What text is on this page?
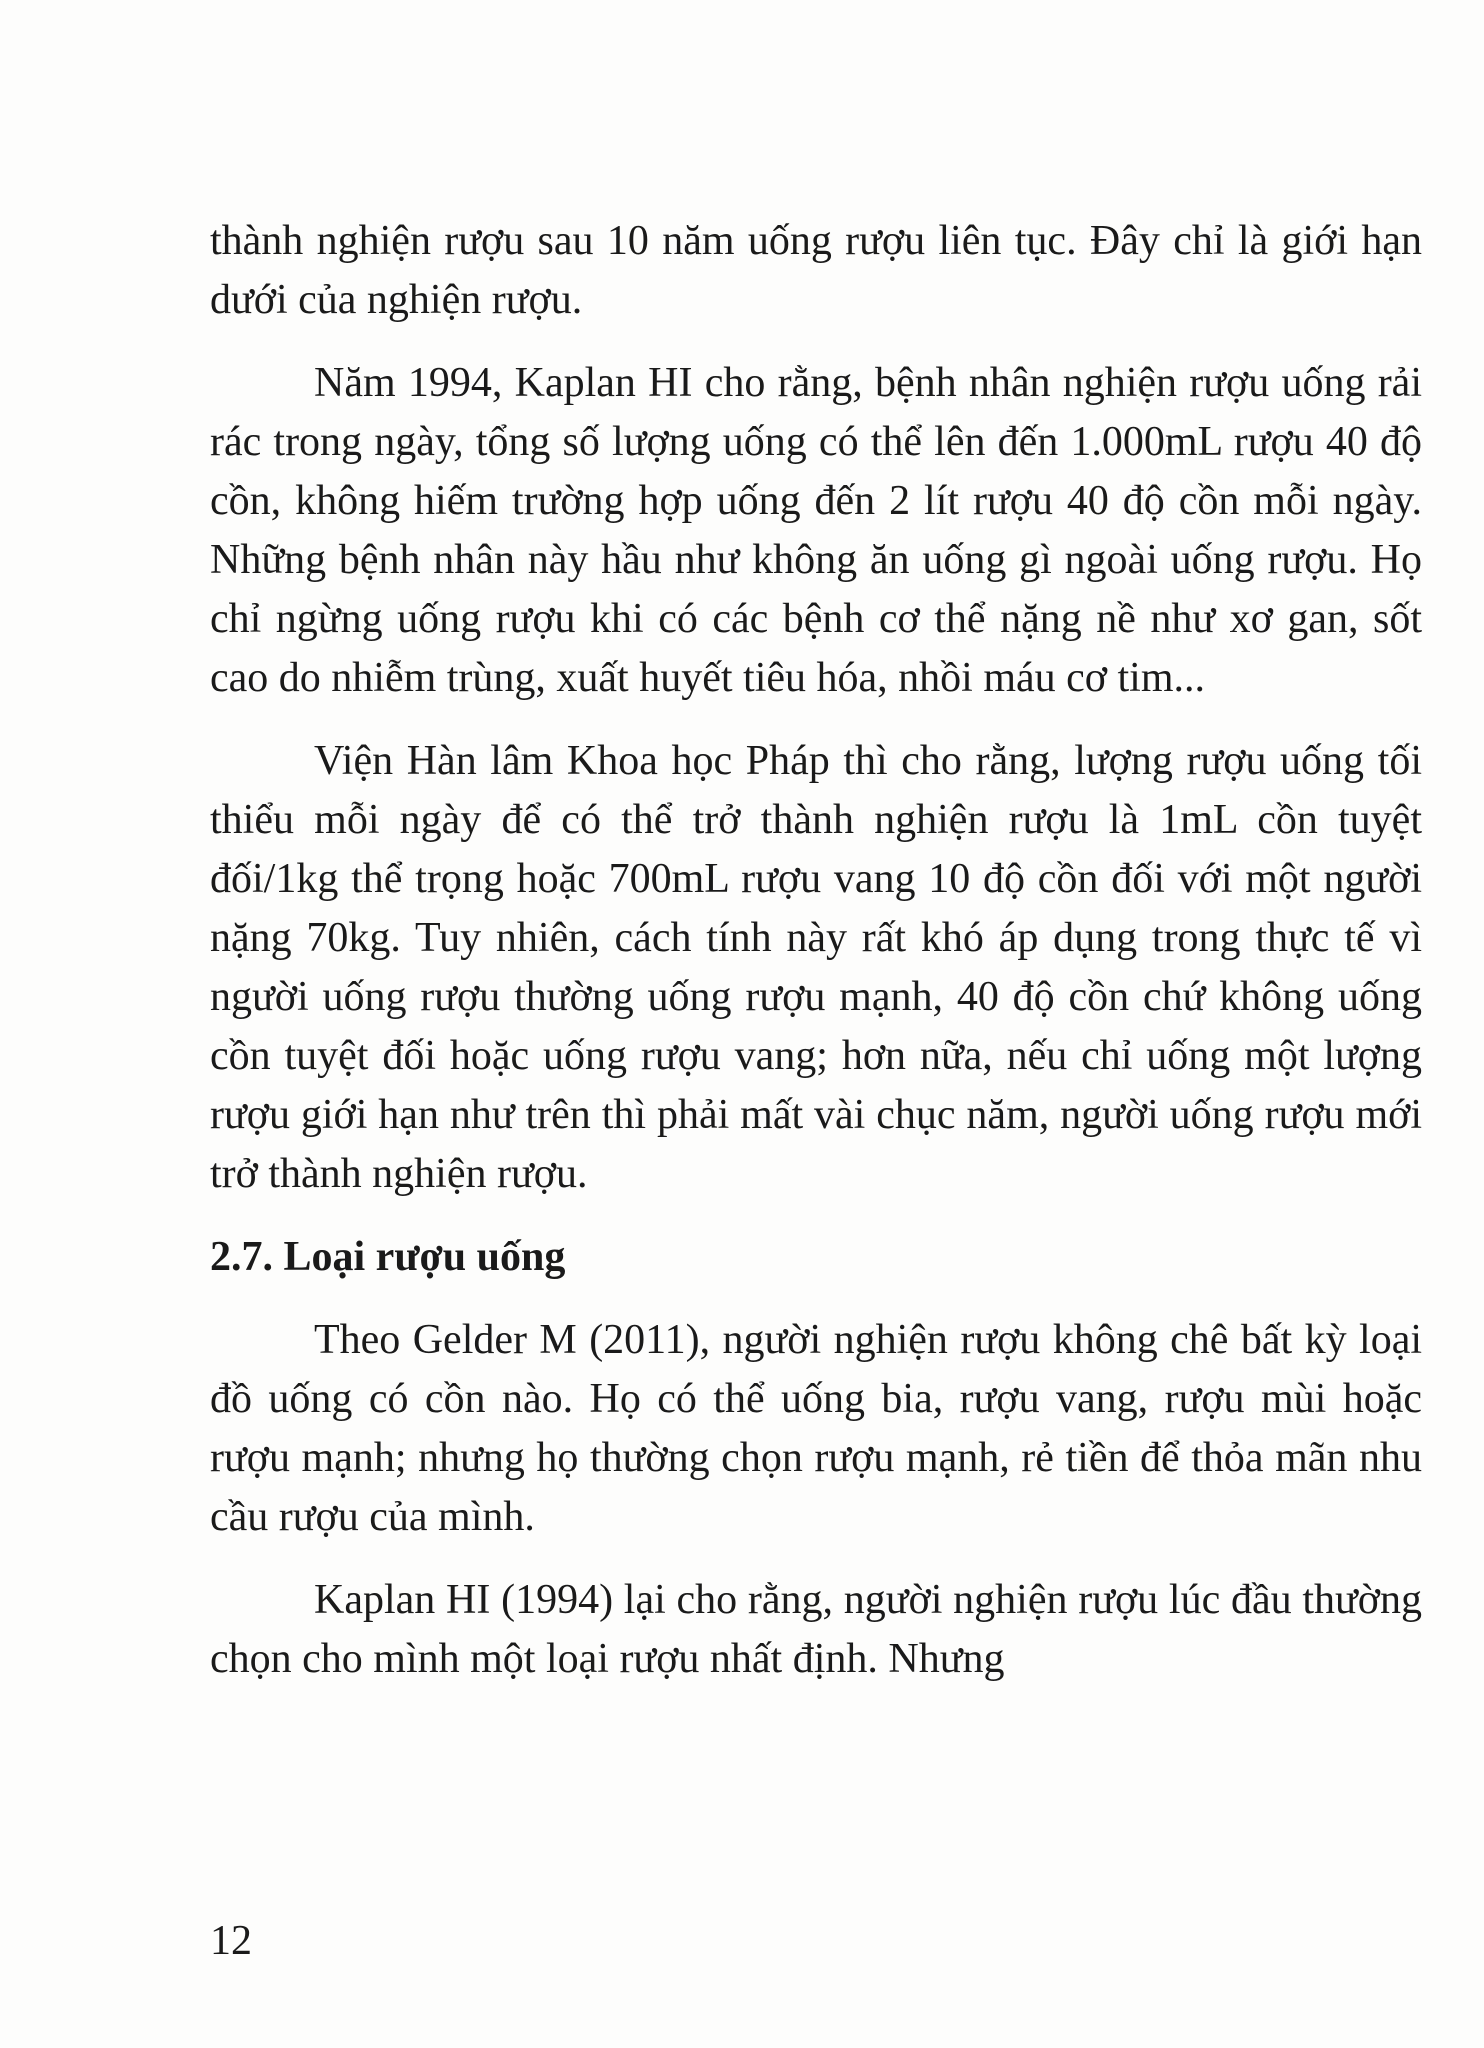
thành nghiện rượu sau 10 năm uống rượu liên tục. Đây chỉ là giới hạn dưới của nghiện rượu.

Năm 1994, Kaplan HI cho rằng, bệnh nhân nghiện rượu uống rải rác trong ngày, tổng số lượng uống có thể lên đến 1.000mL rượu 40 độ cồn, không hiếm trường hợp uống đến 2 lít rượu 40 độ cồn mỗi ngày. Những bệnh nhân này hầu như không ăn uống gì ngoài uống rượu. Họ chỉ ngừng uống rượu khi có các bệnh cơ thể nặng nề như xơ gan, sốt cao do nhiễm trùng, xuất huyết tiêu hóa, nhồi máu cơ tim...

Viện Hàn lâm Khoa học Pháp thì cho rằng, lượng rượu uống tối thiểu mỗi ngày để có thể trở thành nghiện rượu là 1mL cồn tuyệt đối/1kg thể trọng hoặc 700mL rượu vang 10 độ cồn đối với một người nặng 70kg. Tuy nhiên, cách tính này rất khó áp dụng trong thực tế vì người uống rượu thường uống rượu mạnh, 40 độ cồn chứ không uống cồn tuyệt đối hoặc uống rượu vang; hơn nữa, nếu chỉ uống một lượng rượu giới hạn như trên thì phải mất vài chục năm, người uống rượu mới trở thành nghiện rượu.

2.7. Loại rượu uống

Theo Gelder M (2011), người nghiện rượu không chê bất kỳ loại đồ uống có cồn nào. Họ có thể uống bia, rượu vang, rượu mùi hoặc rượu mạnh; nhưng họ thường chọn rượu mạnh, rẻ tiền để thỏa mãn nhu cầu rượu của mình.

Kaplan HI (1994) lại cho rằng, người nghiện rượu lúc đầu thường chọn cho mình một loại rượu nhất định. Nhưng

12
